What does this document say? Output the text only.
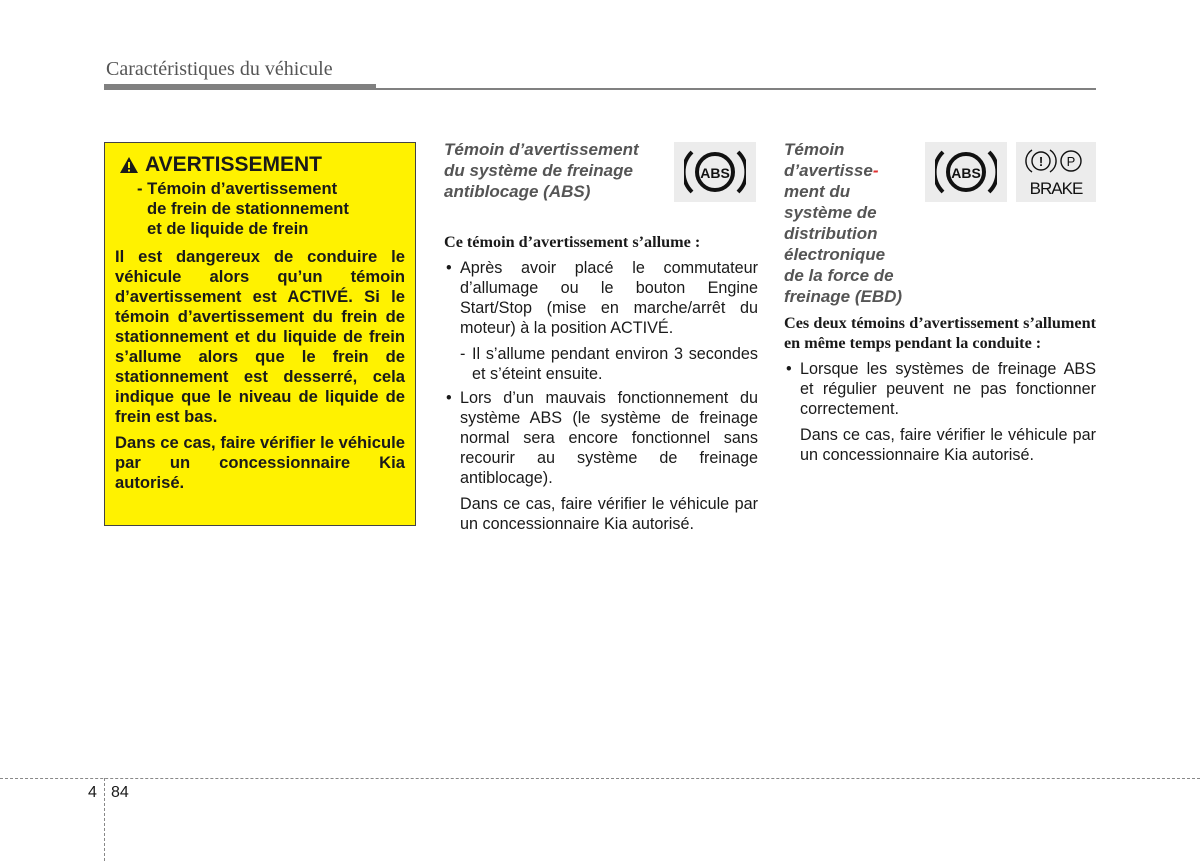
Caractéristiques du véhicule
AVERTISSEMENT
- Témoin d’avertissement
de frein de stationnement
et de liquide de frein
Il est dangereux de conduire le véhicule alors qu’un témoin d’avertissement est ACTIVÉ. Si le témoin d’avertissement du frein de stationnement et du liquide de frein s’allume alors que le frein de stationnement est desserré, cela indique que le niveau de liquide de frein est bas.
Dans ce cas, faire vérifier le véhicule par un concessionnaire Kia autorisé.
Témoin d’avertissement
du système de freinage
antiblocage (ABS)
Ce témoin d’avertissement s’allume :
• Après avoir placé le commutateur d’allumage ou le bouton Engine Start/Stop (mise en marche/arrêt du moteur) à la position ACTIVÉ.
- Il s’allume pendant environ 3 secondes et s’éteint ensuite.
• Lors d’un mauvais fonctionnement du système ABS (le système de freinage normal sera encore fonctionnel sans recourir au système de freinage antiblocage).
Dans ce cas, faire vérifier le véhicule par un concessionnaire Kia autorisé.
ABS
Témoin
d’avertisse-
ment du
système de
distribution
électronique
de la force de
freinage (EBD)
Ces deux témoins d’avertissement s’allument en même temps pendant la conduite :
• Lorsque les systèmes de freinage ABS et régulier peuvent ne pas fonctionner correctement.
Dans ce cas, faire vérifier le véhicule par un concessionnaire Kia autorisé.
ABS
! P
BRAKE
4 84
